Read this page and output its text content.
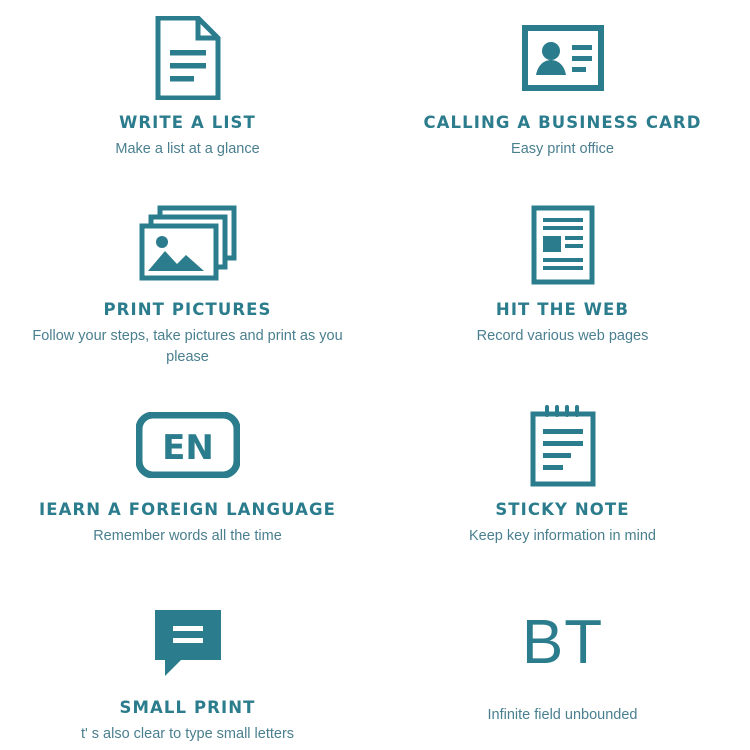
WRITE A LIST
Make a list at a glance
CALLING A BUSINESS CARD
Easy print office
PRINT PICTURES
Follow your steps, take pictures and print as you please
HIT THE WEB
Record various web pages
EN
IEARN A FOREIGN LANGUAGE
Remember words all the time
STICKY NOTE
Keep key information in mind
SMALL PRINT
t' s also clear to type small letters
BT
Infinite field unbounded
